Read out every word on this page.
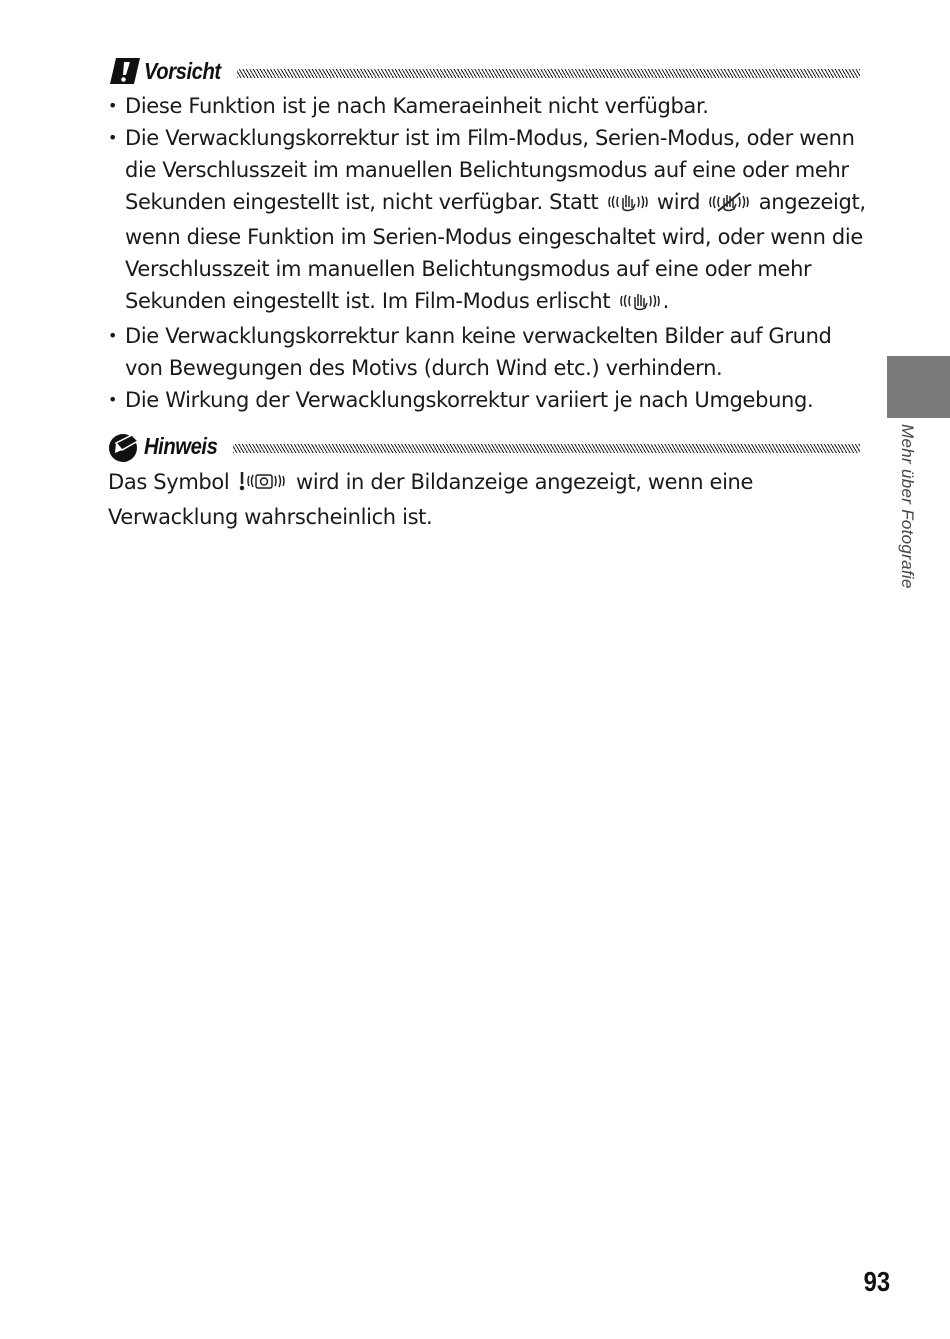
Vorsicht
• Diese Funktion ist je nach Kameraeinheit nicht verfügbar.
• Die Verwacklungskorrektur ist im Film-Modus, Serien-Modus, oder wenn die Verschlusszeit im manuellen Belichtungsmodus auf eine oder mehr Sekunden eingestellt ist, nicht verfügbar. Statt	wird	angezeigt, wenn diese Funktion im Serien-Modus eingeschaltet wird, oder wenn die Verschlusszeit im manuellen Belichtungsmodus auf eine oder mehr Sekunden eingestellt ist. Im Film-Modus erlischt .
• Die Verwacklungskorrektur kann keine verwackelten Bilder auf Grund von Bewegungen des Motivs (durch Wind etc.) verhindern.
• Die Wirkung der Verwacklungskorrektur variiert je nach Umgebung.
Hinweis
Das Symbol	wird in der Bildanzeige angezeigt, wenn eine Verwacklung wahrscheinlich ist.	Mehr über Fotografie
93
